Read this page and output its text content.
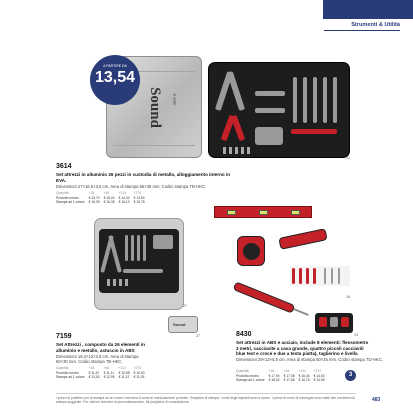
Strumenti & Utilità
Sound	& Safe
A PARTIRE DA
13,54
12
3614
Set attrezzi in alluminio 26 pezzi in custodia di metallo, alloggiamento interno in
EVA.
Dimensioni 27×16,5×3,5 cm. Area di stampa 55×35 mm. Codici stampa TB-HKC.
Quantità	+18	+46	+114	+274
Prodotto neutro	€ 15,70	€ 15,04	€ 14,32	€ 13,54
Stampa ad 1 colore	€ 16,35	€ 16,35	€ 16,10	€ 15,78
27
Sound
27
7159
Set Attrezzi , composto da 26 elementi in
alluminio e metallo, astuccio in ABS
Dimensioni 16,2×12×3,8 cm. Area di stampa
60×30 mm. Codici stampa TB-HKC.
Quantità	+18	+46	+114	+274
Prodotto neutro	€ 11,67	€ 11,11	€ 10,58	€ 10,00
Stampa ad 1 colore	€ 13,53	€ 12,95	€ 11,12	€ 11,09
16
13
8430
Set attrezzi in ABS e acciaio, include 8 elementi: flessometro
3 metri, cacciavite a cava grande, quattro piccoli cacciaviti
blue test e croce e due a testa piatta), taglierino e livella
Dimensioni 29×13×5,5 cm. Area di stampa 50×25 mm. Codici stampa TD-HKC.
Quantità	+18	+46	+114	+274
Prodotto neutro	€ 17,94	€ 17,08	€ 16,34	€ 14,53
Stampa ad 1 colore	€ 18,52	€ 17,58	€ 16,76	€ 14,95
3
I prezzi al pubblico per la stampa ad un colore includono il costo di manipolazione prodotto, l'impianto di stampa, i costi degli impianti sono a carico. I prezzi di costo di consegna sono validi alle condizioni di stampa suggerite. Per ulteriori tecniche di personalizzazione, fai preghiera di consultazione.	483
